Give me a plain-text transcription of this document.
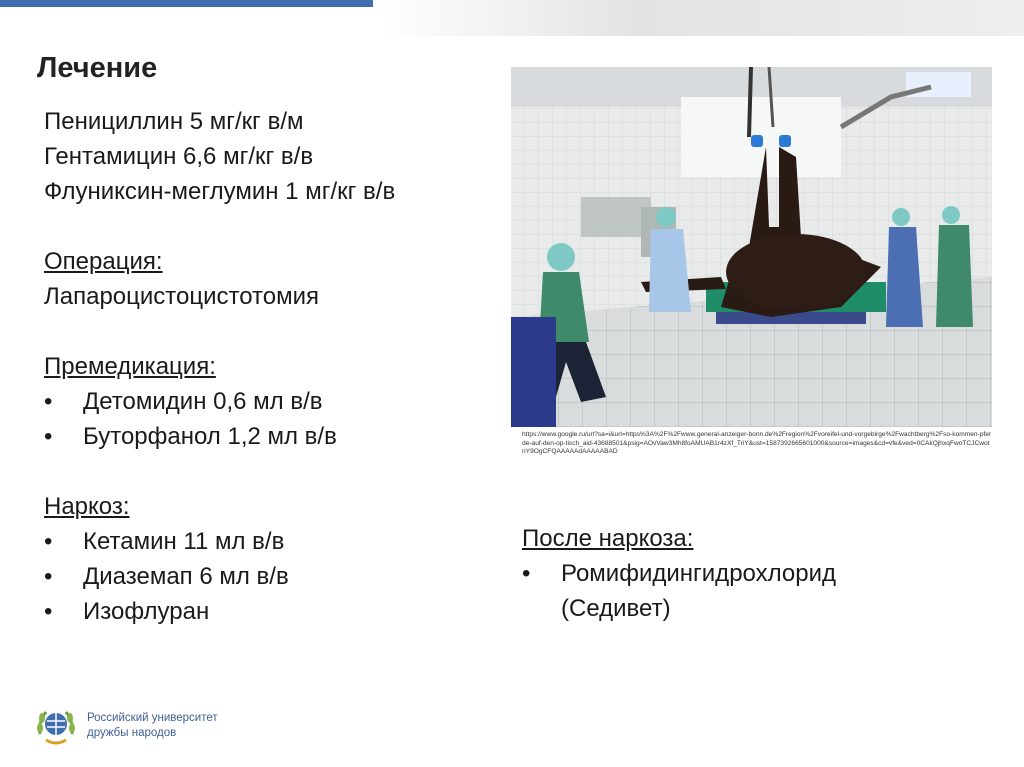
Лечение
Пенициллин 5 мг/кг в/м
Гентамицин 6,6 мг/кг в/в
Флуниксин-меглумин 1 мг/кг в/в
Операция:
Лапароцистоцистотомия
Премедикация:
•	Детомидин 0,6 мл в/в
•	Буторфанол 1,2 мл в/в
Наркоз:
•	Кетамин 11 мл в/в
•	Диаземап 6 мл в/в
•	Изофлуран
https://www.google.ru/url?sa=i&url=https%3A%2F%2Fwww.general-anzeiger-bonn.de%2Fregion%2Fvoreifel-und-vorgebirge%2Fwachtberg%2Fso-kommen-pferde-auf-den-op-tisch_aid-43688501&psig=AOvVaw3Mh8foAMUAB1r4zXf_TriY&ust=1587392665601000&source=images&cd=vfe&ved=0CAkQjhxqFwoTCJCwotnY9OgCFQAAAAAdAAAAABAD
После наркоза:
•	Ромифидингидрохлорид
(Седивет)
Российский университет
дружбы народов
